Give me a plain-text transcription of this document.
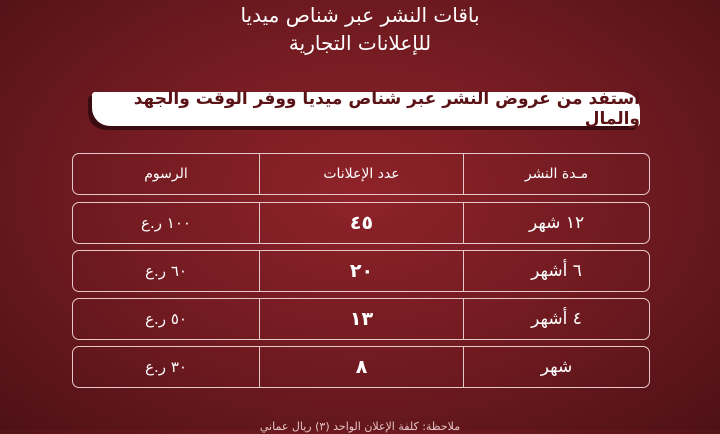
باقات النشر عبر شناص ميديا
للإعلانات التجارية
استفد من عروض النشر عبر شناص ميديا ووفر الوقت والجهد والمال
مـدة النشر
عدد الإعلانات
الرسوم
١٢ شهر
٤٥
١٠٠ ر.ع
٦ أشهر
٢٠
٦٠ ر.ع
٤ أشهر
١٣
٥٠ ر.ع
شهر
٨
٣٠ ر.ع
ملاحظة: كلفة الإعلان الواحد (٣) ريال عماني
